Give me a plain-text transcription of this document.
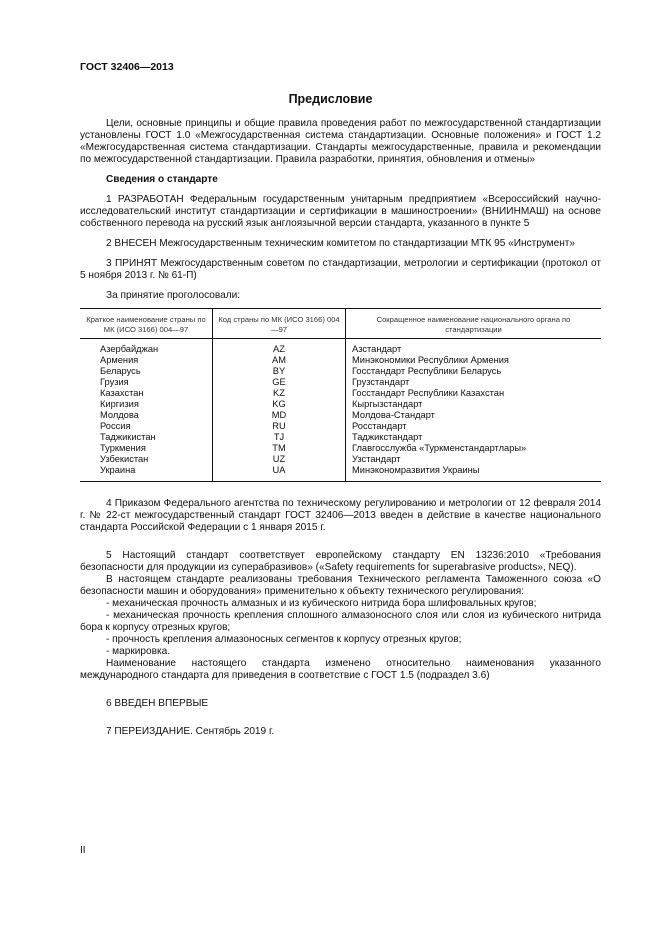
ГОСТ 32406—2013
Предисловие

Цели, основные принципы и общие правила проведения работ по межгосударственной стандартизации установлены ГОСТ 1.0 «Межгосударственная система стандартизации. Основные положения» и ГОСТ 1.2 «Межгосударственная система стандартизации. Стандарты межгосударственные, правила и рекомендации по межгосударственной стандартизации. Правила разработки, принятия, обновления и отмены»

Сведения о стандарте

1 РАЗРАБОТАН Федеральным государственным унитарным предприятием «Всероссийский научно-исследовательский институт стандартизации и сертификации в машиностроении» (ВНИИНМАШ) на основе собственного перевода на русский язык англоязычной версии стандарта, указанного в пункте 5

2 ВНЕСЕН Межгосударственным техническим комитетом по стандартизации МТК 95 «Инструмент»

3 ПРИНЯТ Межгосударственным советом по стандартизации, метрологии и сертификации (протокол от 5 ноября 2013 г. № 61-П)

За принятие проголосовали:

Краткое наименование страны по МК (ИСО 3166) 004—97	Код страны по МК (ИСО 3166) 004—97	Сокращенное наименование национального органа по стандартизации
Азербайджан	AZ	Азстандарт
Армения	AM	Минэкономики Республики Армения
Беларусь	BY	Госстандарт Республики Беларусь
Грузия	GE	Грузстандарт
Казахстан	KZ	Госстандарт Республики Казахстан
Киргизия	KG	Кыргызстандарт
Молдова	MD	Молдова-Стандарт
Россия	RU	Росстандарт
Таджикистан	TJ	Таджикстандарт
Туркмения	TM	Главгосслужба «Туркменстандартлары»
Узбекистан	UZ	Узстандарт
Украина	UA	Минэкономразвития Украины

4 Приказом Федерального агентства по техническому регулированию и метрологии от 12 февраля 2014 г. № 22-ст межгосударственный стандарт ГОСТ 32406—2013 введен в действие в качестве национального стандарта Российской Федерации с 1 января 2015 г.

5 Настоящий стандарт соответствует европейскому стандарту EN 13236:2010 «Требования безопасности для продукции из суперабразивов» («Safety requirements for superabrasive products», NEQ).

В настоящем стандарте реализованы требования Технического регламента Таможенного союза «О безопасности машин и оборудования» применительно к объекту технического регулирования:

- механическая прочность алмазных и из кубического нитрида бора шлифовальных кругов;

- механическая прочность крепления сплошного алмазоносного слоя или слоя из кубического нитрида бора к корпусу отрезных кругов;

- прочность крепления алмазоносных сегментов к корпусу отрезных кругов;

- маркировка.

Наименование настоящего стандарта изменено относительно наименования указанного международного стандарта для приведения в соответствие с ГОСТ 1.5 (подраздел 3.6)

6 ВВЕДЕН ВПЕРВЫЕ

7 ПЕРЕИЗДАНИЕ. Сентябрь 2019 г.

II
